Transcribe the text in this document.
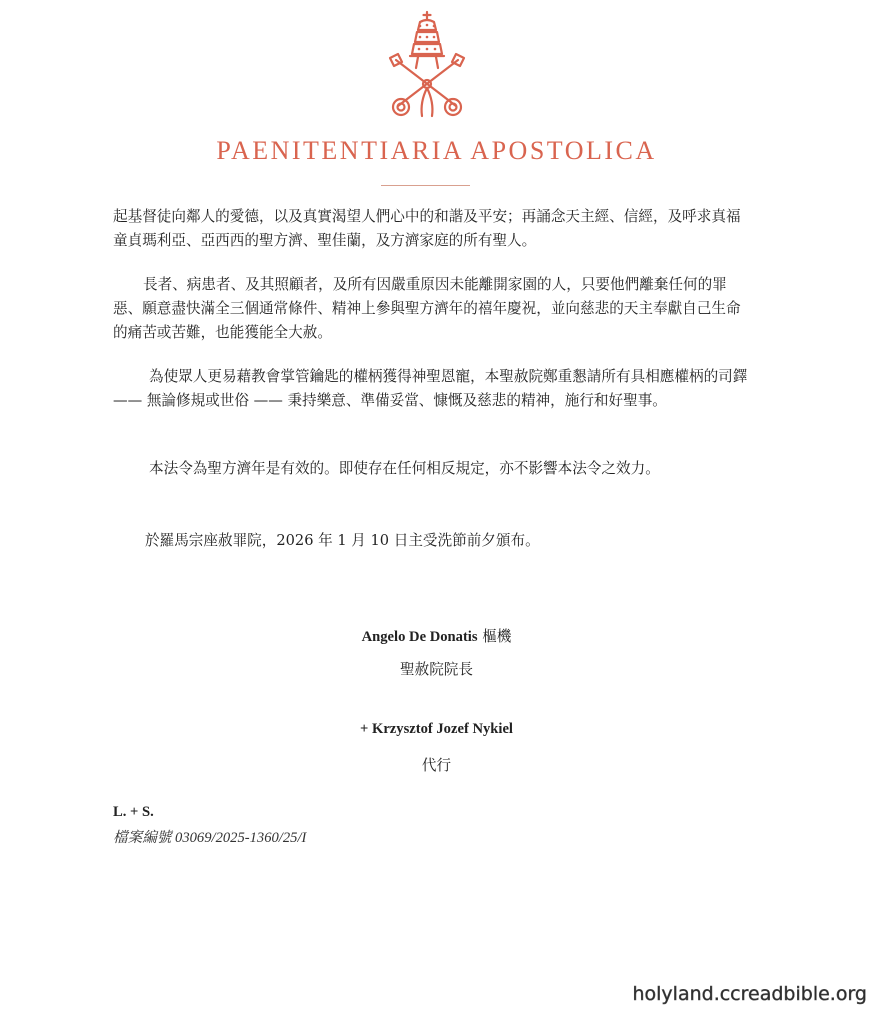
PAENITENTIARIA APOSTOLICA
起基督徒向鄰人的愛德，以及真實渴望人們心中的和諧及平安；再誦念天主經、信經，及呼求真福童貞瑪利亞、亞西西的聖方濟、聖佳蘭，及方濟家庭的所有聖人。
長者、病患者、及其照顧者，及所有因嚴重原因未能離開家園的人，只要他們離棄任何的罪惡、願意盡快滿全三個通常條件、精神上參與聖方濟年的禧年慶祝，並向慈悲的天主奉獻自己生命的痛苦或苦難，也能獲能全大赦。
為使眾人更易藉教會掌管鑰匙的權柄獲得神聖恩寵，本聖赦院鄭重懇請所有具相應權柄的司鐸 —— 無論修規或世俗 —— 秉持樂意、準備妥當、慷慨及慈悲的精神，施行和好聖事。
本法令為聖方濟年是有效的。即使存在任何相反規定，亦不影響本法令之效力。
於羅馬宗座赦罪院，2026 年 1 月 10 日主受洗節前夕頒布。
Angelo De Donatis 樞機
聖赦院院長
+ Krzysztof Jozef Nykiel
代行
L. + S.
檔案編號 03069/2025-1360/25/I
holyland.ccreadbible.org
